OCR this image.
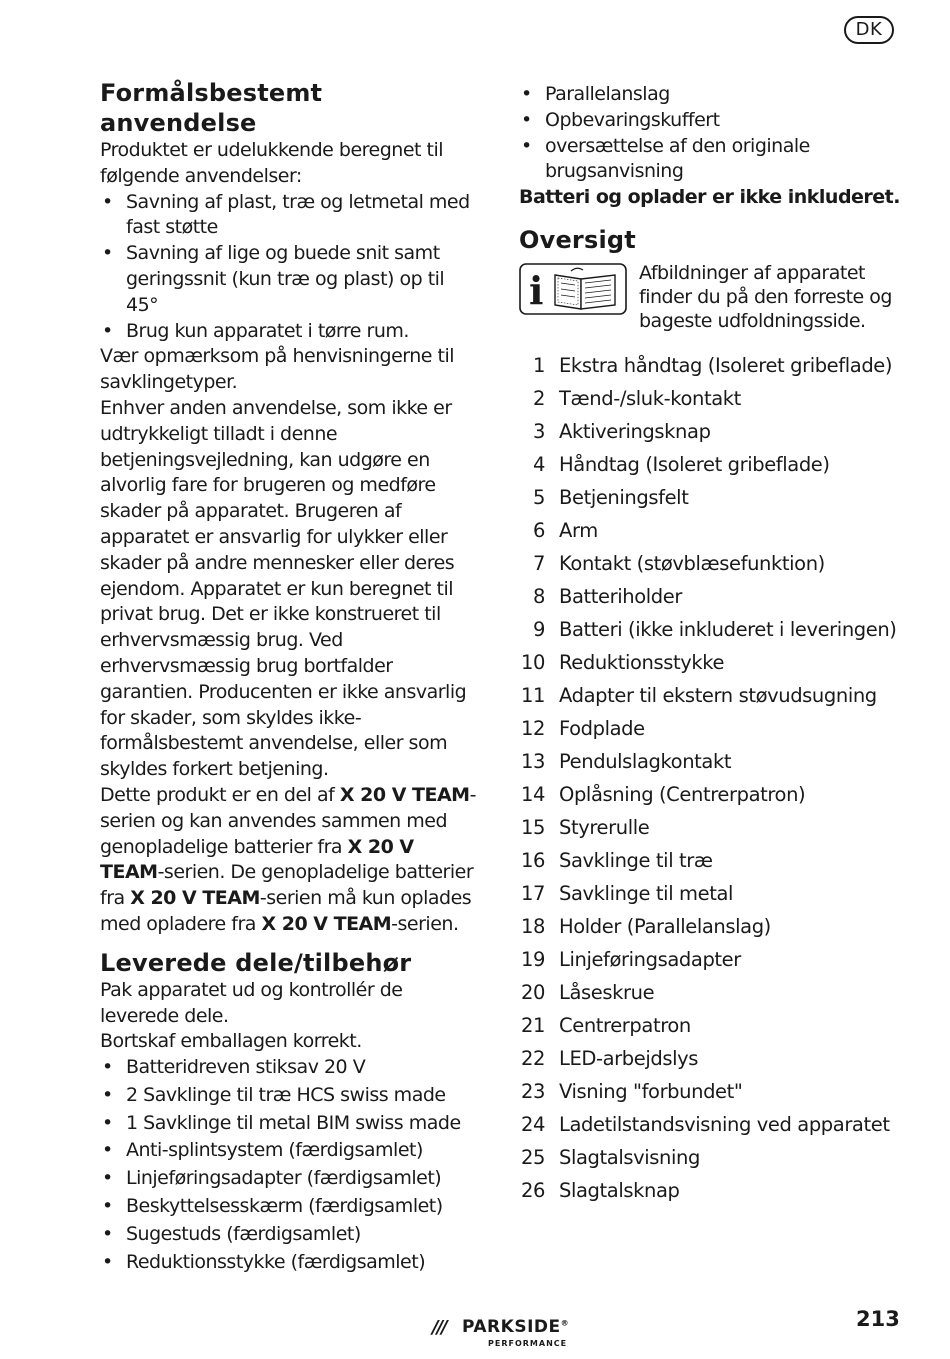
DK
Formålsbestemt anvendelse

Produktet er udelukkende beregnet til følgende anvendelser:

• Savning af plast, træ og letmetal med fast støtte
• Savning af lige og buede snit samt geringssnit (kun træ og plast) op til 45°
• Brug kun apparatet i tørre rum.

Vær opmærksom på henvisningerne til savklingetyper.

Enhver anden anvendelse, som ikke er udtrykkeligt tilladt i denne betjeningsvejledning, kan udgøre en alvorlig fare for brugeren og medføre skader på apparatet. Brugeren af apparatet er ansvarlig for ulykker eller skader på andre mennesker eller deres ejendom. Apparatet er kun beregnet til privat brug. Det er ikke konstrueret til erhvervsmæssig brug. Ved erhvervsmæssig brug bortfalder garantien. Producenten er ikke ansvarlig for skader, som skyldes ikke-formålsbestemt anvendelse, eller som skyldes forkert betjening.

Dette produkt er en del af X 20 V TEAM-serien og kan anvendes sammen med genopladelige batterier fra X 20 V TEAM-serien. De genopladelige batterier fra X 20 V TEAM-serien må kun oplades med opladere fra X 20 V TEAM-serien.

Leverede dele/tilbehør

Pak apparatet ud og kontrollér de leverede dele.

Bortskaf emballagen korrekt.

• Batteridreven stiksav 20 V
• 2 Savklinge til træ HCS swiss made
• 1 Savklinge til metal BIM swiss made
• Anti-splintsystem (færdigsamlet)
• Linjeføringsadapter (færdigsamlet)
• Beskyttelsesskærm (færdigsamlet)
• Sugestuds (færdigsamlet)
• Reduktionsstykke (færdigsamlet)
• Parallelanslag
• Opbevaringskuffert
• oversættelse af den originale brugsanvisning

Batteri og oplader er ikke inkluderet.

Oversigt
i	Afbildninger af apparatet finder du på den forreste og bageste udfoldningsside.
1 Ekstra håndtag (Isoleret gribeflade)
2 Tænd-/sluk-kontakt
3 Aktiveringsknap
4 Håndtag (Isoleret gribeflade)
5 Betjeningsfelt
6 Arm
7 Kontakt (støvblæsefunktion)
8 Batteriholder
9 Batteri (ikke inkluderet i leveringen)
10 Reduktionsstykke
11 Adapter til ekstern støvudsugning
12 Fodplade
13 Pendulslagkontakt
14 Oplåsning (Centrerpatron)
15 Styrerulle
16 Savklinge til træ
17 Savklinge til metal
18 Holder (Parallelanslag)
19 Linjeføringsadapter
20 Låseskrue
21 Centrerpatron
22 LED-arbejdslys
23 Visning "forbundet"
24 Ladetilstandsvisning ved apparatet
25 Slagtalsvisning
26 Slagtalsknap
/// PARKSIDE®
PERFORMANCE
213
